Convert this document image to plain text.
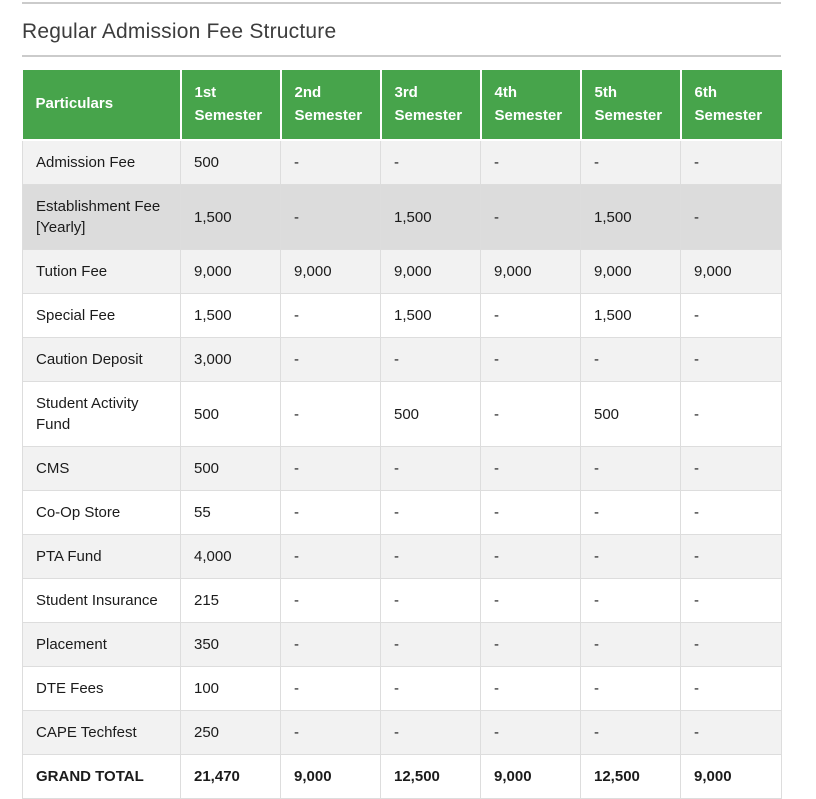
Regular Admission Fee Structure
Particulars	1st Semester	2nd Semester	3rd Semester	4th Semester	5th Semester	6th Semester
Admission Fee	500	-	-	-	-	-
Establishment Fee [Yearly]	1,500	-	1,500	-	1,500	-
Tution Fee	9,000	9,000	9,000	9,000	9,000	9,000
Special Fee	1,500	-	1,500	-	1,500	-
Caution Deposit	3,000	-	-	-	-	-
Student Activity Fund	500	-	500	-	500	-
CMS	500	-	-	-	-	-
Co-Op Store	55	-	-	-	-	-
PTA Fund	4,000	-	-	-	-	-
Student Insurance	215	-	-	-	-	-
Placement	350	-	-	-	-	-
DTE Fees	100	-	-	-	-	-
CAPE Techfest	250	-	-	-	-	-
GRAND TOTAL	21,470	9,000	12,500	9,000	12,500	9,000
